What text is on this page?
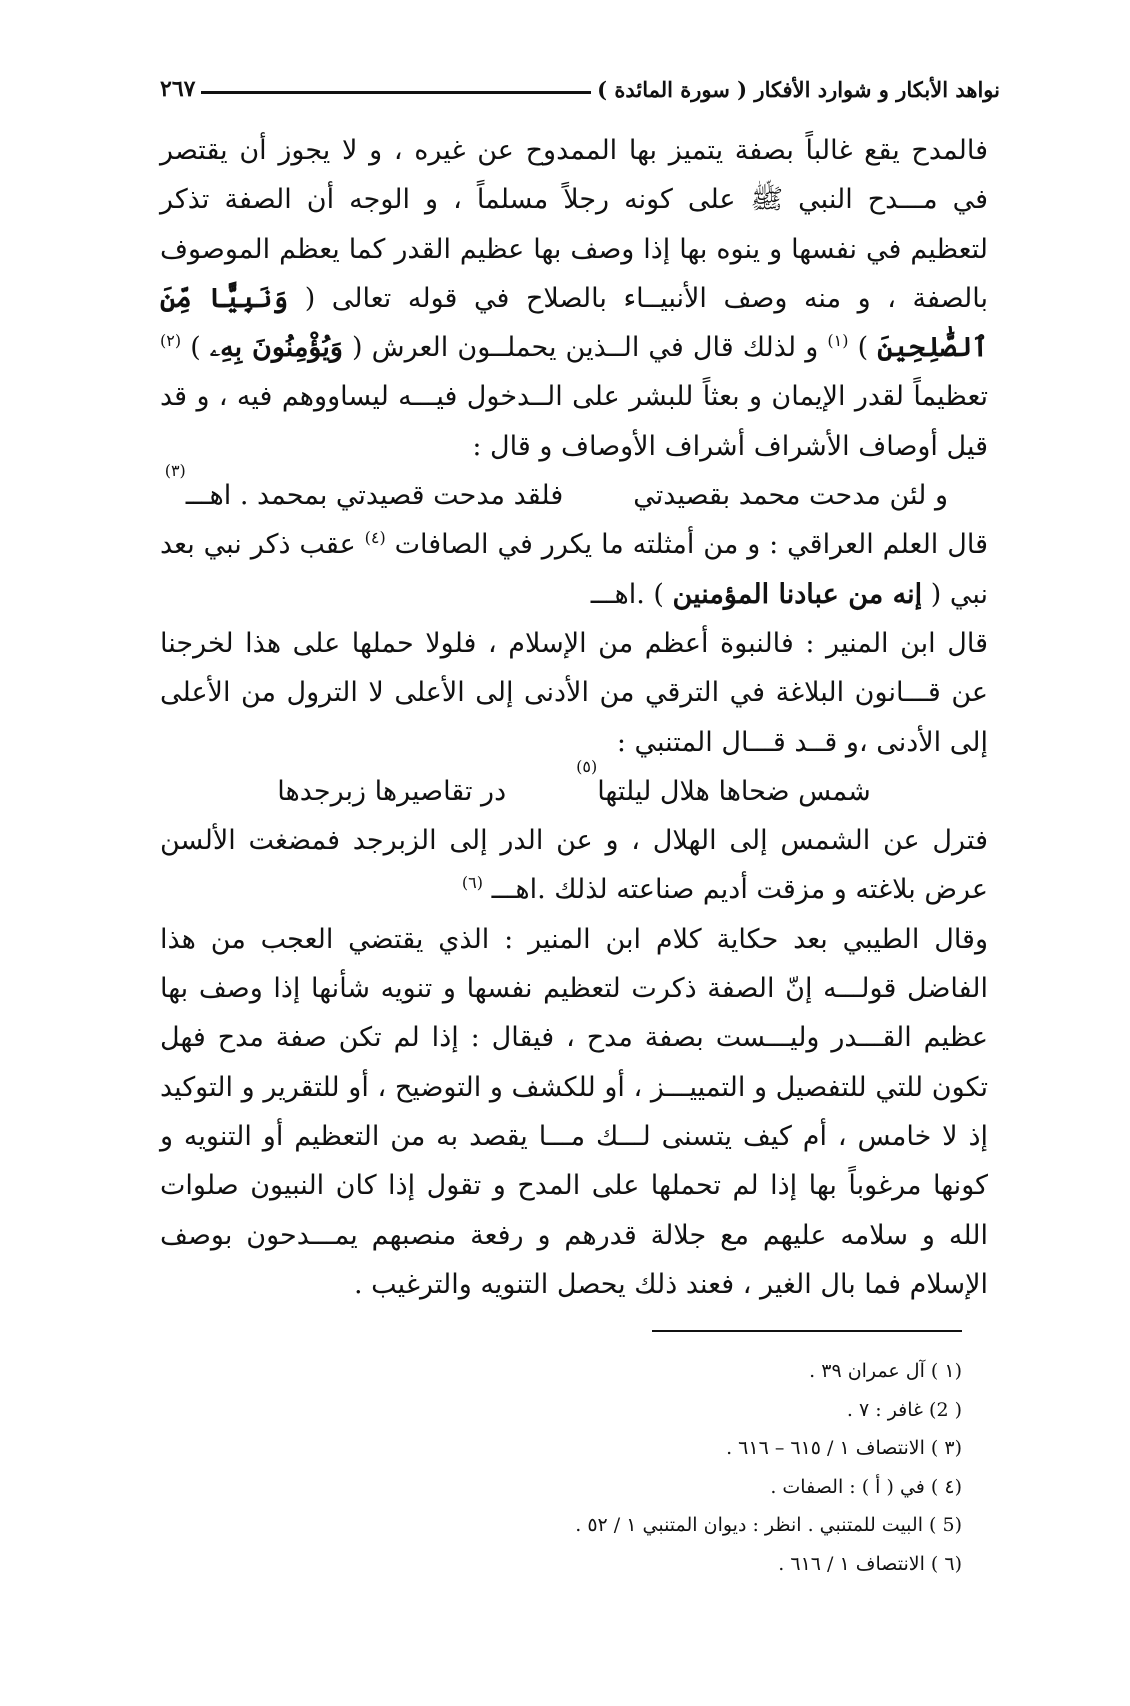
نواهد الأبكار و شوارد الأفكار ( سورة المائدة )
٢٦٧

فالمدح يقع غالباً بصفة يتميز بها الممدوح عن غيره ، و لا يجوز أن يقتصر في مـــدح النبي ﷺ على كونه رجلاً مسلماً ، و الوجه أن الصفة تذكر لتعظيم في نفسها و ينوه بها إذا وصف بها عظيم القدر كما يعظم الموصوف بالصفة ، و منه وصف الأنبيــاء بالصلاح في قوله تعالى ( وَنَبِيًّا مِّنَ ٱلصَّٰلِحِينَ ) $^{(١)}$ و لذلك قال في الــذين يحملــون العرش ( وَيُؤْمِنُونَ بِهِۦ ) $^{(٢)}$ تعظيماً لقدر الإيمان و بعثاً للبشر على الــدخول فيـــه ليساووهم فيه ، و قد قيل أوصاف الأشراف أشراف الأوصاف و قال :

و لئن مدحت محمد بقصيدتي
فلقد مدحت قصيدتي بمحمد . اهـــ
(٣)

قال العلم العراقي : و من أمثلته ما يكرر في الصافات $^{(٤)}$ عقب ذكر نبي بعد نبي ( إنه من عبادنا المؤمنين ) .اهـــ

قال ابن المنير : فالنبوة أعظم من الإسلام ، فلولا حملها على هذا لخرجنا عن قـــانون البلاغة في الترقي من الأدنى إلى الأعلى لا الترول من الأعلى إلى الأدنى ،و قــد قـــال المتنبي :

شمس ضحاها هلال ليلتها
(٥)
در تقاصيرها زبرجدها

فترل عن الشمس إلى الهلال ، و عن الدر إلى الزبرجد فمضغت الألسن عرض بلاغته و مزقت أديم صناعته لذلك .اهـــ $^{(٦)}$

وقال الطيبي بعد حكاية كلام ابن المنير : الذي يقتضي العجب من هذا الفاضل قولـــه إنّ الصفة ذكرت لتعظيم نفسها و تنويه شأنها إذا وصف بها عظيم القـــدر وليـــست بصفة مدح ، فيقال : إذا لم تكن صفة مدح فهل تكون للتي للتفصيل و التمييـــز ، أو للكشف و التوضيح ، أو للتقرير و التوكيد إذ لا خامس ، أم كيف يتسنى لـــك مـــا يقصد به من التعظيم أو التنويه و كونها مرغوباً بها إذا لم تحملها على المدح و تقول إذا كان النبيون صلوات الله و سلامه عليهم مع جلالة قدرهم و رفعة منصبهم يمـــدحون بوصف الإسلام فما بال الغير ، فعند ذلك يحصل التنويه والترغيب .

(١ ) آل عمران ٣٩ .
( 2) غافر : ٧ .
(٣ ) الانتصاف ١ / ٦١٥ – ٦١٦ .
(٤ ) في ( أ ) : الصفات .
(5 ) البيت للمتنبي . انظر : ديوان المتنبي ١ / ٥٢ .
(٦ ) الانتصاف ١ / ٦١٦ .
